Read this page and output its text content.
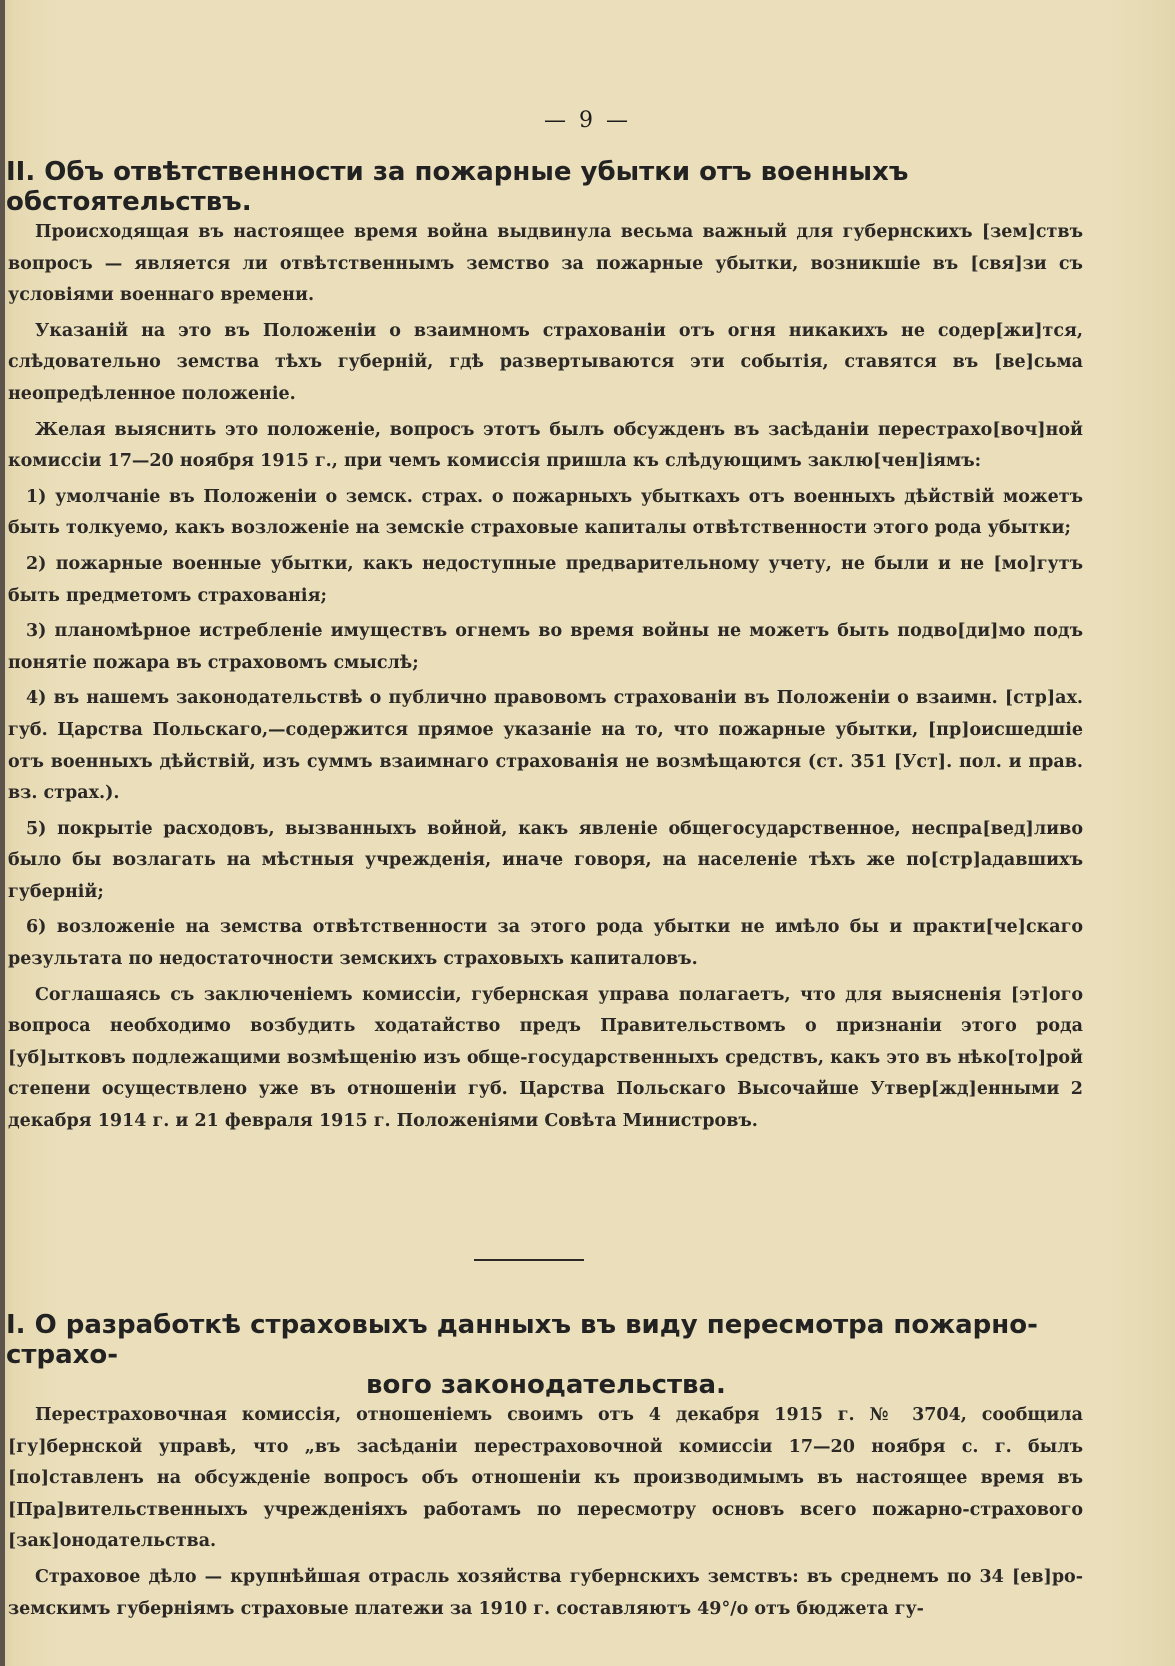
— 9 —
II. Объ отвѣтственности за пожарные убытки отъ военныхъ обстоятельствъ.

Происходящая въ настоящее время война выдвинула весьма важный для губернскихъ [зем]ствъ вопросъ — является ли отвѣтственнымъ земство за пожарные убытки, возникшіе въ [свя]зи съ условіями военнаго времени.

Указаній на это въ Положеніи о взаимномъ страхованіи отъ огня никакихъ не содер[жи]тся, слѣдовательно земства тѣхъ губерній, гдѣ развертываются эти событія, ставятся въ [ве]сьма неопредѣленное положеніе.

Желая выяснить это положеніе, вопросъ этотъ былъ обсужденъ въ засѣданіи перестрахо[воч]ной комиссіи 17—20 ноября 1915 г., при чемъ комиссія пришла къ слѣдующимъ заклю[чен]іямъ:

1) умолчаніе въ Положеніи о земск. страх. о пожарныхъ убыткахъ отъ военныхъ дѣйствій можетъ быть толкуемо, какъ возложеніе на земскіе страховые капиталы отвѣтственности этого рода убытки;

2) пожарные военные убытки, какъ недоступные предварительному учету, не были и не [мо]гутъ быть предметомъ страхованія;

3) планомѣрное истребленіе имуществъ огнемъ во время войны не можетъ быть подво[ди]мо подъ понятіе пожара въ страховомъ смыслѣ;

4) въ нашемъ законодательствѣ о публично правовомъ страхованіи въ Положеніи о взаимн. [стр]ах. губ. Царства Польскаго,—содержится прямое указаніе на то, что пожарные убытки, [пр]оисшедшіе отъ военныхъ дѣйствій, изъ суммъ взаимнаго страхованія не возмѣщаются (ст. 351 [Уст]. пол. и прав. вз. страх.).

5) покрытіе расходовъ, вызванныхъ войной, какъ явленіе общегосударственное, неспра[вед]ливо было бы возлагать на мѣстныя учрежденія, иначе говоря, на населеніе тѣхъ же по[стр]адавшихъ губерній;

6) возложеніе на земства отвѣтственности за этого рода убытки не имѣло бы и практи[че]скаго результата по недостаточности земскихъ страховыхъ капиталовъ.

Соглашаясь съ заключеніемъ комиссіи, губернская управа полагаетъ, что для выясненія [эт]ого вопроса необходимо возбудить ходатайство предъ Правительствомъ о признаніи этого рода [уб]ытковъ подлежащими возмѣщенію изъ обще-государственныхъ средствъ, какъ это въ нѣко[то]рой степени осуществлено уже въ отношеніи губ. Царства Польскаго Высочайше Утвер[жд]енными 2 декабря 1914 г. и 21 февраля 1915 г. Положеніями Совѣта Министровъ.

I. О разработкѣ страховыхъ данныхъ въ виду пересмотра пожарно-страхо-
вого законодательства.

Перестраховочная комиссія, отношеніемъ своимъ отъ 4 декабря 1915 г. № 3704, сообщила [гу]бернской управѣ, что „въ засѣданіи перестраховочной комиссіи 17—20 ноября с. г. былъ [по]ставленъ на обсужденіе вопросъ объ отношеніи къ производимымъ въ настоящее время въ [Пра]вительственныхъ учрежденіяхъ работамъ по пересмотру основъ всего пожарно-страхового [зак]онодательства.

Страховое дѣло — крупнѣйшая отрасль хозяйства губернскихъ земствъ: въ среднемъ по 34 [ев]ро-земскимъ губерніямъ страховые платежи за 1910 г. составляютъ 49°/о отъ бюджета гу-
